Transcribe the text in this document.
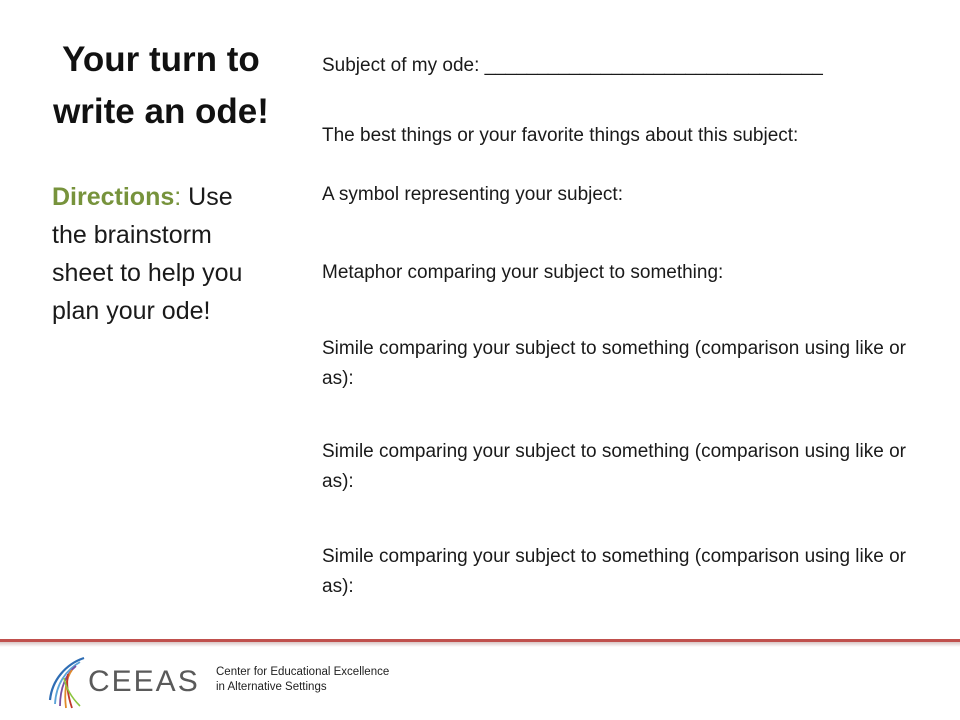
Your turn to
write an ode!

Directions: Use the brainstorm sheet to help you plan your ode!

Subject of my ode: ________________________________

The best things or your favorite things about this subject:

A symbol representing your subject:

Metaphor comparing your subject to something:

Simile comparing your subject to something (comparison using like or as):

Simile comparing your subject to something (comparison using like or as):

Simile comparing your subject to something (comparison using like or as):

CEEAS Center for Educational Excellence
in Alternative Settings
